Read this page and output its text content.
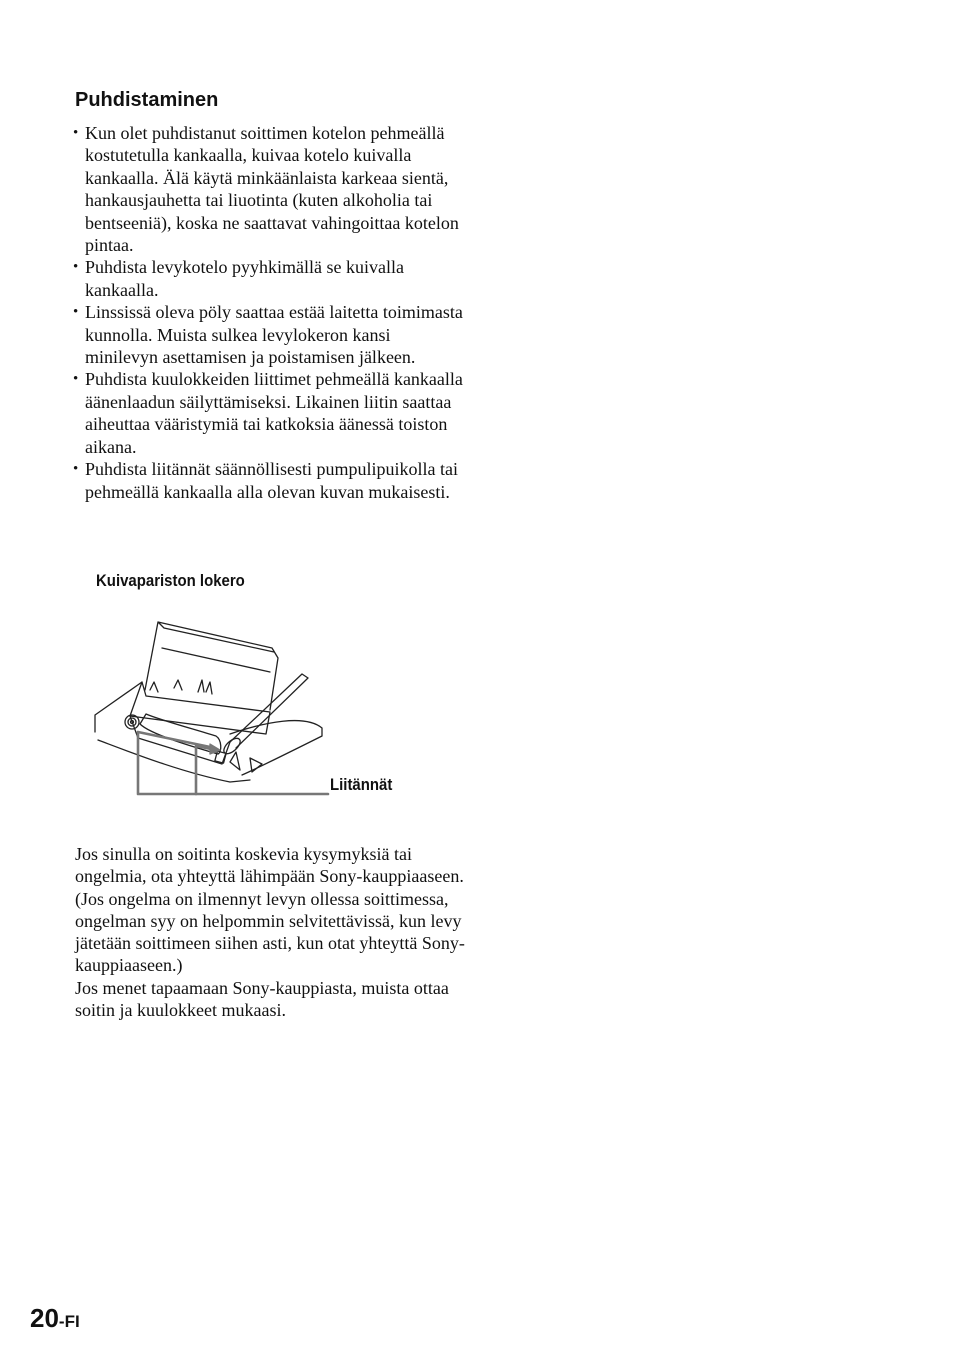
Puhdistaminen
• Kun olet puhdistanut soittimen kotelon pehmeällä kostutetulla kankaalla, kuivaa kotelo kuivalla kankaalla. Älä käytä minkäänlaista karkeaa sientä, hankausjauhetta tai liuotinta (kuten alkoholia tai bentseeniä), koska ne saattavat vahingoittaa kotelon pintaa.
• Puhdista levykotelo pyyhkimällä se kuivalla kankaalla.
• Linssissä oleva pöly saattaa estää laitetta toimimasta kunnolla. Muista sulkea levylokeron kansi minilevyn asettamisen ja poistamisen jälkeen.
• Puhdista kuulokkeiden liittimet pehmeällä kankaalla äänenlaadun säilyttämiseksi. Likainen liitin saattaa aiheuttaa vääristymiä tai katkoksia äänessä toiston aikana.
• Puhdista liitännät säännöllisesti pumpulipuikolla tai pehmeällä kankaalla alla olevan kuvan mukaisesti.
Kuivapariston lokero
Liitännät

Jos sinulla on soitinta koskevia kysymyksiä tai ongelmia, ota yhteyttä lähimpään Sony-kauppiaaseen. (Jos ongelma on ilmennyt levyn ollessa soittimessa, ongelman syy on helpommin selvitettävissä, kun levy jätetään soittimeen siihen asti, kun otat yhteyttä Sony-kauppiaaseen.)
Jos menet tapaamaan Sony-kauppiasta, muista ottaa soitin ja kuulokkeet mukaasi.

20-FI
